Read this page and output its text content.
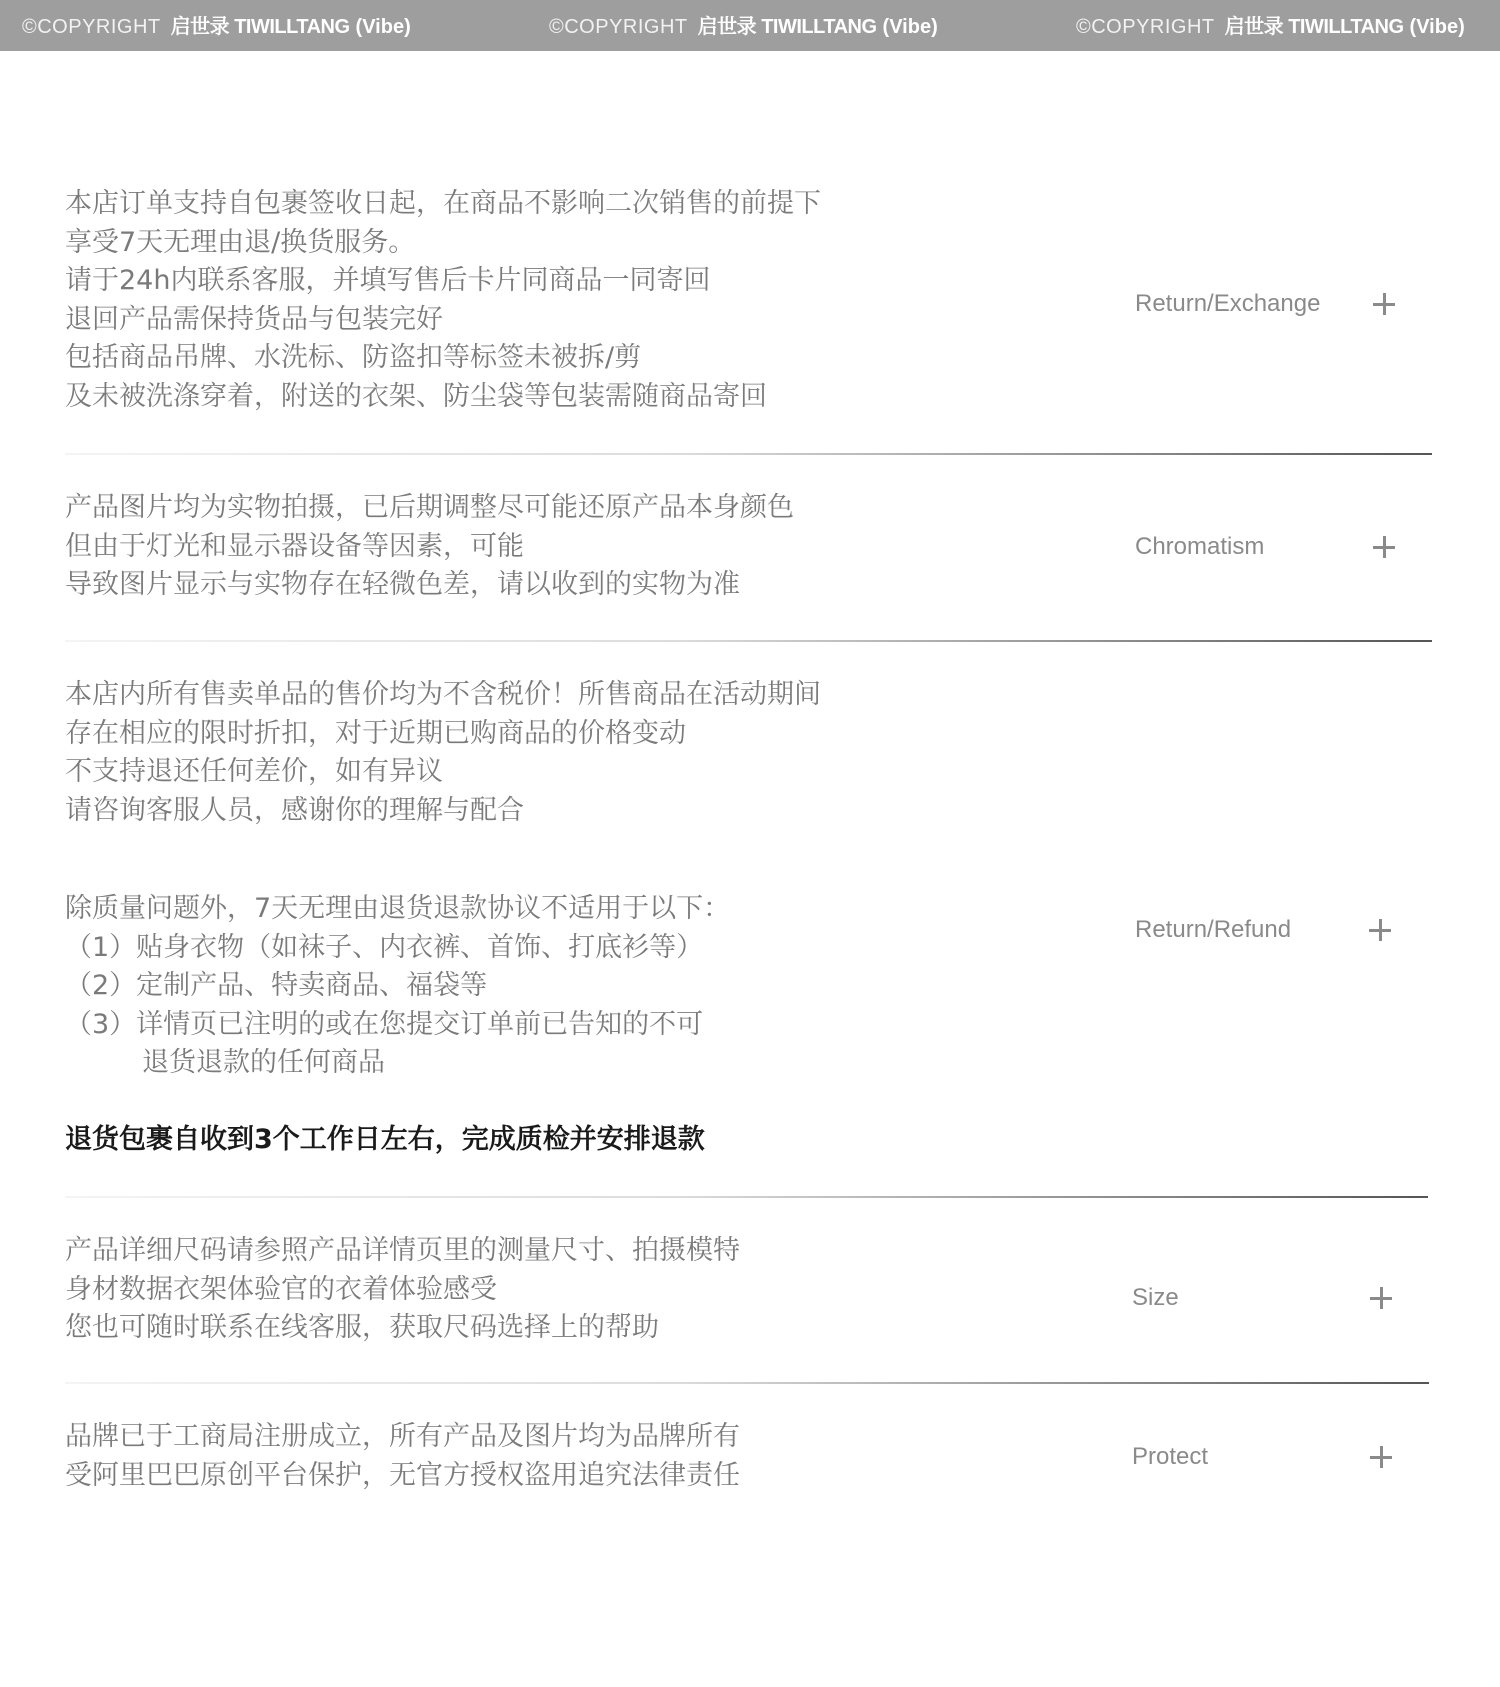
©COPYRIGHT 启世录 TIWILLTANG (Vibe)	©COPYRIGHT 启世录 TIWILLTANG (Vibe)	©COPYRIGHT 启世录 TIWILLTANG (Vibe)
本店订单支持自包裹签收日起，在商品不影响二次销售的前提下
享受7天无理由退/换货服务。
请于24h内联系客服，并填写售后卡片同商品一同寄回
退回产品需保持货品与包装完好
包括商品吊牌、水洗标、防盗扣等标签未被拆/剪
及未被洗涤穿着，附送的衣架、防尘袋等包装需随商品寄回
Return/Exchange
产品图片均为实物拍摄，已后期调整尽可能还原产品本身颜色
但由于灯光和显示器设备等因素，可能
导致图片显示与实物存在轻微色差，请以收到的实物为准
Chromatism
本店内所有售卖单品的售价均为不含税价！所售商品在活动期间
存在相应的限时折扣，对于近期已购商品的价格变动
不支持退还任何差价，如有异议
请咨询客服人员，感谢你的理解与配合
除质量问题外，7天无理由退货退款协议不适用于以下：
（1）贴身衣物（如袜子、内衣裤、首饰、打底衫等）
（2）定制产品、特卖商品、福袋等
（3）详情页已注明的或在您提交订单前已告知的不可
退货退款的任何商品
退货包裹自收到3个工作日左右，完成质检并安排退款
Return/Refund
产品详细尺码请参照产品详情页里的测量尺寸、拍摄模特
身材数据衣架体验官的衣着体验感受
您也可随时联系在线客服，获取尺码选择上的帮助
Size
品牌已于工商局注册成立，所有产品及图片均为品牌所有
受阿里巴巴原创平台保护，无官方授权盗用追究法律责任
Protect
